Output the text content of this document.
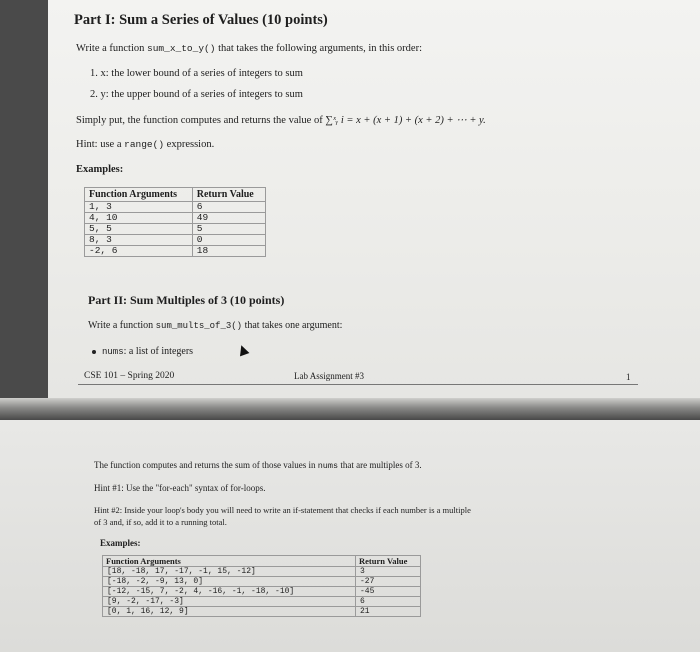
Part I: Sum a Series of Values (10 points)
Write a function sum_x_to_y() that takes the following arguments, in this order:
1. x: the lower bound of a series of integers to sum
2. y: the upper bound of a series of integers to sum
Simply put, the function computes and returns the value of ∑ˣᵧ i = x + (x + 1) + (x + 2) + ⋯ + y.
Hint: use a range() expression.
Examples:
Function Arguments	Return Value
1, 3	6
4, 10	49
5, 5	5
8, 3	0
-2, 6	18
Part II: Sum Multiples of 3 (10 points)
Write a function sum_mults_of_3() that takes one argument:
nums: a list of integers
CSE 101 – Spring 2020	Lab Assignment #3	1
The function computes and returns the sum of those values in nums that are multiples of 3.
Hint #1: Use the "for-each" syntax of for-loops.
Hint #2: Inside your loop's body you will need to write an if-statement that checks if each number is a multiple
of 3 and, if so, add it to a running total.
Examples:
Function Arguments	Return Value
[18, -18, 17, -17, -1, 15, -12]	3
[-18, -2, -9, 13, 0]	-27
[-12, -15, 7, -2, 4, -16, -1, -18, -10]	-45
[9, -2, -17, -3]	6
[0, 1, 16, 12, 9]	21
